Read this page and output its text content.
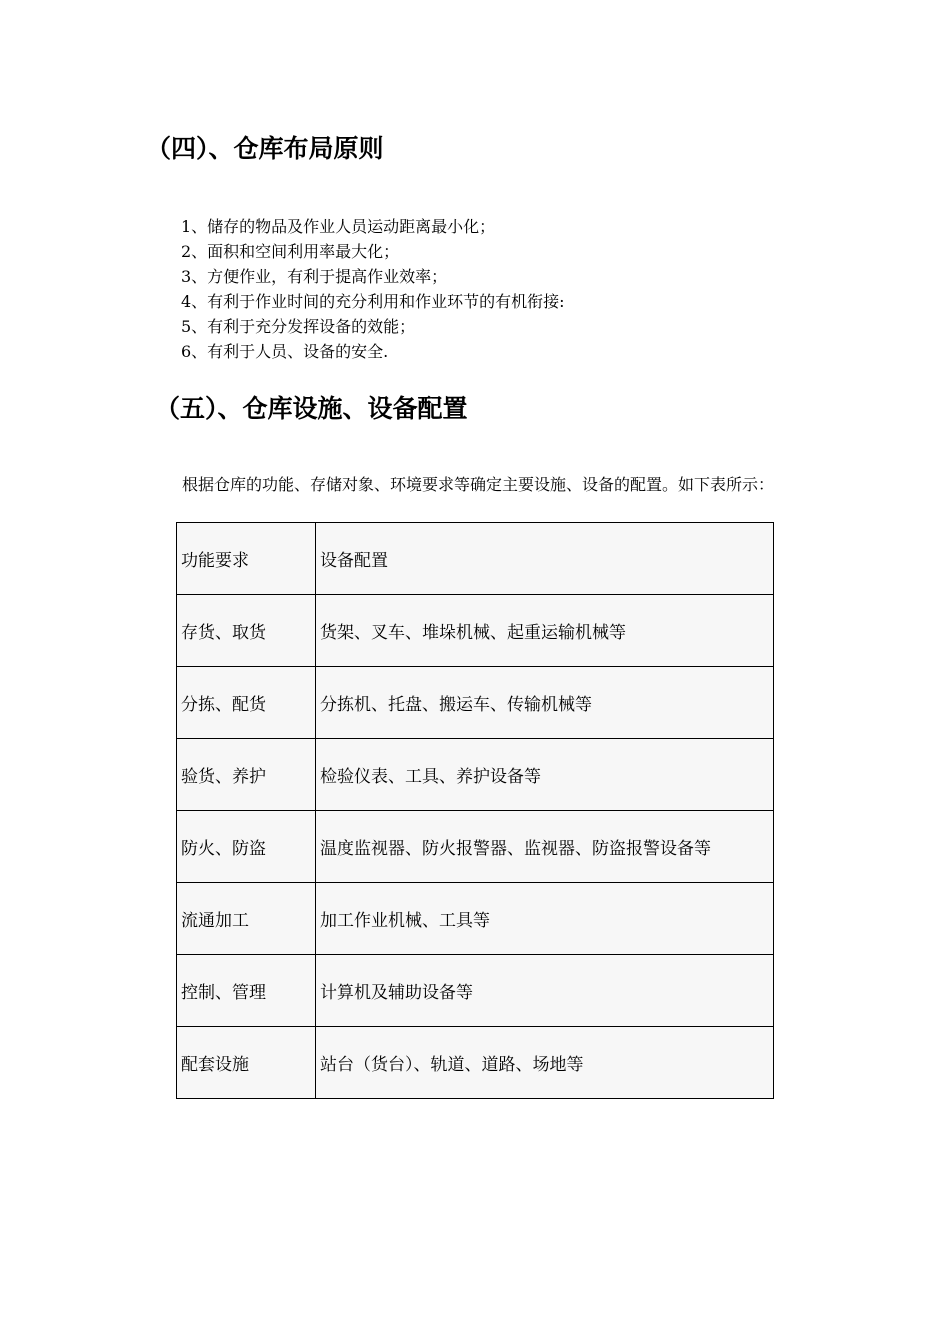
（四）、仓库布局原则
1、储存的物品及作业人员运动距离最小化；
2、面积和空间利用率最大化；
3、方便作业，有利于提高作业效率；
4、有利于作业时间的充分利用和作业环节的有机衔接:
5、有利于充分发挥设备的效能；
6、有利于人员、设备的安全.
（五）、仓库设施、设备配置

根据仓库的功能、存储对象、环境要求等确定主要设施、设备的配置。如下表所示：

功能要求	设备配置
存货、取货	货架、叉车、堆垛机械、起重运输机械等
分拣、配货	分拣机、托盘、搬运车、传输机械等
验货、养护	检验仪表、工具、养护设备等
防火、防盗	温度监视器、防火报警器、监视器、防盗报警设备等
流通加工	加工作业机械、工具等
控制、管理	计算机及辅助设备等
配套设施	站台（货台）、轨道、道路、场地等
